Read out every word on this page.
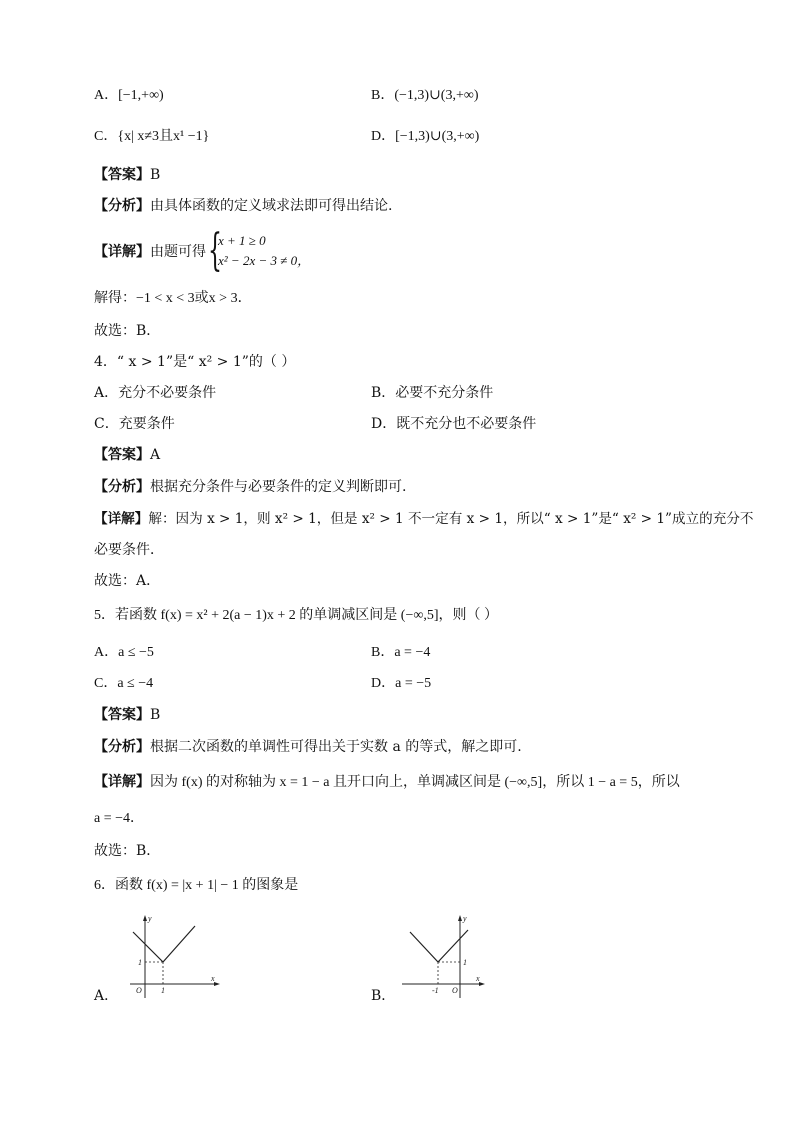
A．[−1,+∞)	B．(−1,3)∪(3,+∞)
C．{x| x≠3且x¹ −1}	D．[−1,3)∪(3,+∞)
【答案】B
【分析】由具体函数的定义域求法即可得出结论.
【详解】由题可得 {
x + 1 ≥ 0
x² − 2x − 3 ≠ 0，
解得：−1 < x < 3或x > 3．
故选：B．
4．“ x > 1”是“ x² > 1”的（ ）
A．充分不必要条件	B．必要不充分条件
C．充要条件	D．既不充分也不必要条件
【答案】A
【分析】根据充分条件与必要条件的定义判断即可.
【详解】解：因为 x > 1，则 x² > 1，但是 x² > 1 不一定有 x > 1，所以“ x > 1”是“ x² > 1”成立的充分不
必要条件．
故选：A．
5．若函数 f(x) = x² + 2(a − 1)x + 2 的单调减区间是 (−∞,5]，则（ ）
A．a ≤ −5	B．a = −4
C．a ≤ −4	D．a = −5
【答案】B
【分析】根据二次函数的单调性可得出关于实数 a 的等式，解之即可.
【详解】因为 f(x) 的对称轴为 x = 1 − a 且开口向上，单调减区间是 (−∞,5]，所以 1 − a = 5，所以
a = −4．
故选：B．
6．函数 f(x) = |x + 1| − 1 的图象是
A．
y
x
O
1
1	B．
y
x
O
1
-1
